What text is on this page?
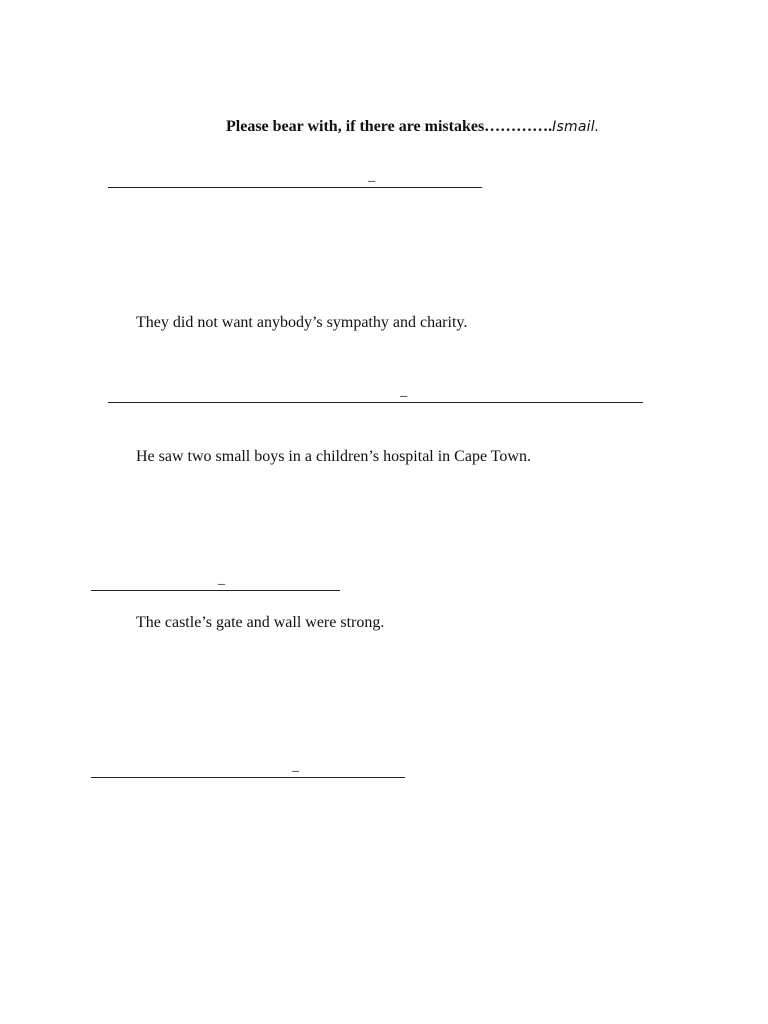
Please bear with, if there are mistakes………….Ismail.
_
They did not want anybody’s sympathy and charity.
_
He saw two small boys in a children’s hospital in Cape Town.
_
The castle’s gate and wall were strong.
_
